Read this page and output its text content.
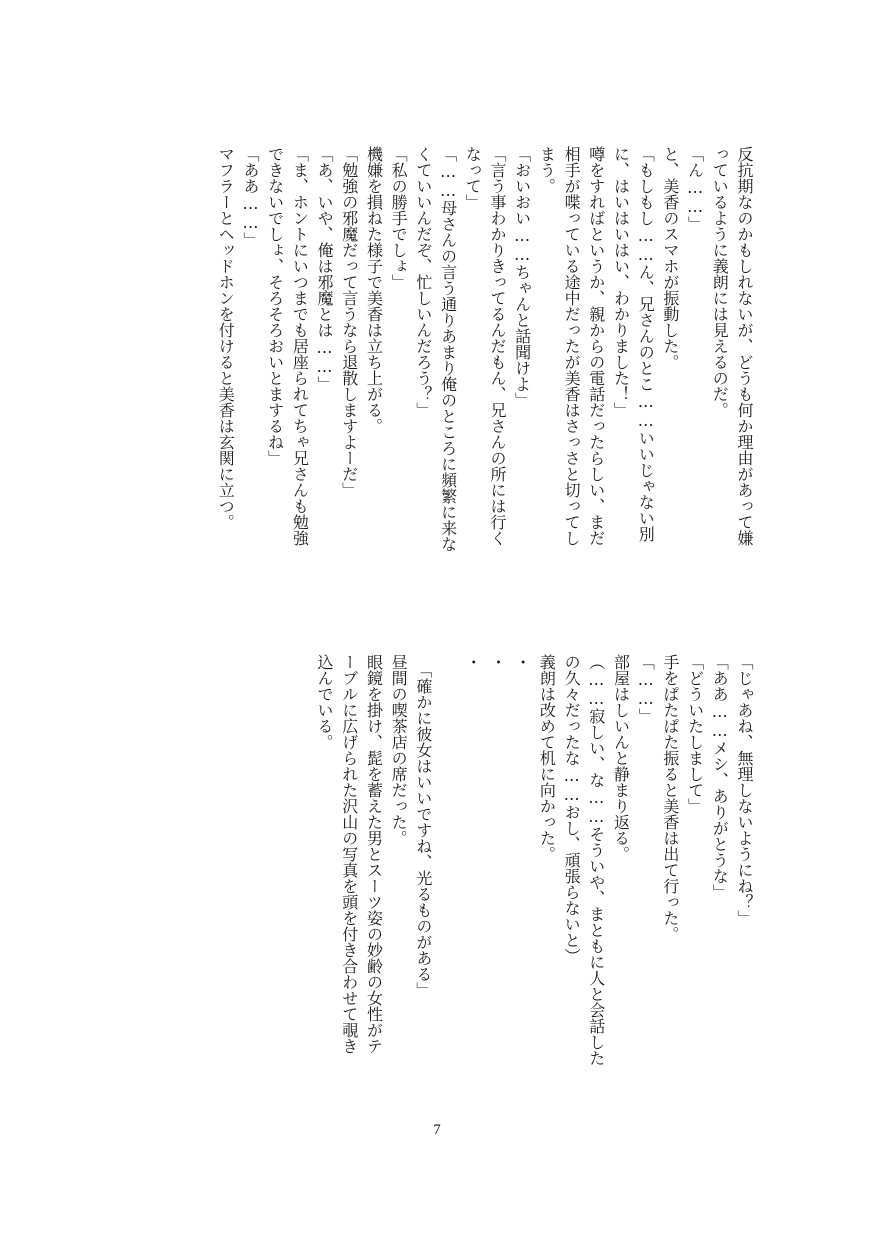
反抗期なのかもしれないが、どうも何か理由があって嫌
っているように義朗には見えるのだ。
「ん……」
と、美香のスマホが振動した。
「もしもし……ん、兄さんのとこ……いいじゃない別
に、はいはいはい、わかりました！」
噂をすればというか、親からの電話だったらしい、まだ
相手が喋っている途中だったが美香はさっさと切ってし
まう。
「おいおい……ちゃんと話聞けよ」
「言う事わかりきってるんだもん、兄さんの所には行く
なって」
「……母さんの言う通りあまり俺のところに頻繁に来な
くていいんだぞ、忙しいんだろう？」
「私の勝手でしょ」
機嫌を損ねた様子で美香は立ち上がる。
「勉強の邪魔だって言うなら退散しますよーだ」
「あ、いや、俺は邪魔とは……」
「ま、ホントにいつまでも居座られてちゃ兄さんも勉強
できないでしょ、そろそろおいとまするね」
「ああ……」
マフラーとヘッドホンを付けると美香は玄関に立つ。
「じゃあね、無理しないようにね？」
「ああ……メシ、ありがとうな」
「どういたしまして」
手をぱたぱた振ると美香は出て行った。
「……」
部屋はしいんと静まり返る。
（……寂しい、な……そういや、まともに人と会話した
の久々だったな……おし、頑張らないと）
義朗は改めて机に向かった。
・
・
・

　「確かに彼女はいいですね、光るものがある」
昼間の喫茶店の席だった。
眼鏡を掛け、髭を蓄えた男とスーツ姿の妙齢の女性がテ
ーブルに広げられた沢山の写真を頭を付き合わせて覗き
込んでいる。
7
